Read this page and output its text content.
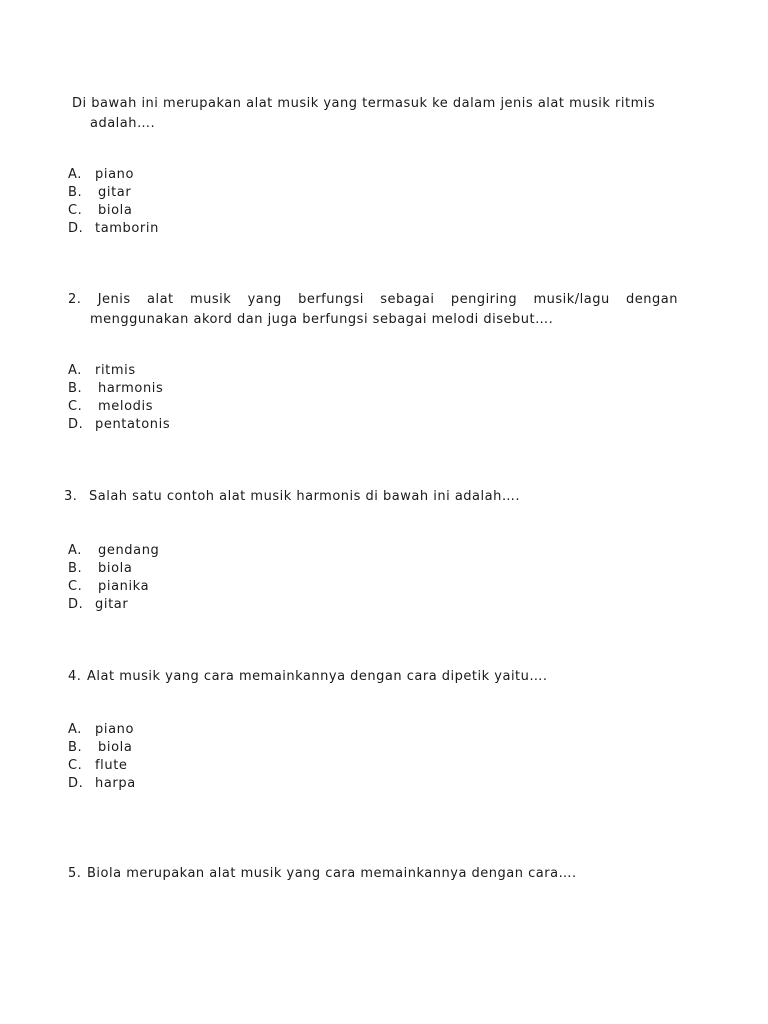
Di bawah ini merupakan alat musik yang termasuk ke dalam jenis alat musik ritmis
adalah….
A.	piano
B.	gitar
C.	biola
D. tamborin
2. Jenis alat musik yang berfungsi sebagai pengiring musik/lagu dengan
menggunakan akord dan juga berfungsi sebagai melodi disebut….
A.	ritmis
B.	harmonis
C.	melodis
D. pentatonis
3. Salah satu contoh alat musik harmonis di bawah ini adalah….
A.	gendang
B.	biola
C.	pianika
D. gitar
4. Alat musik yang cara memainkannya dengan cara dipetik yaitu….
A.	piano
B.	biola
C. flute
D. harpa
5. Biola merupakan alat musik yang cara memainkannya dengan cara….
